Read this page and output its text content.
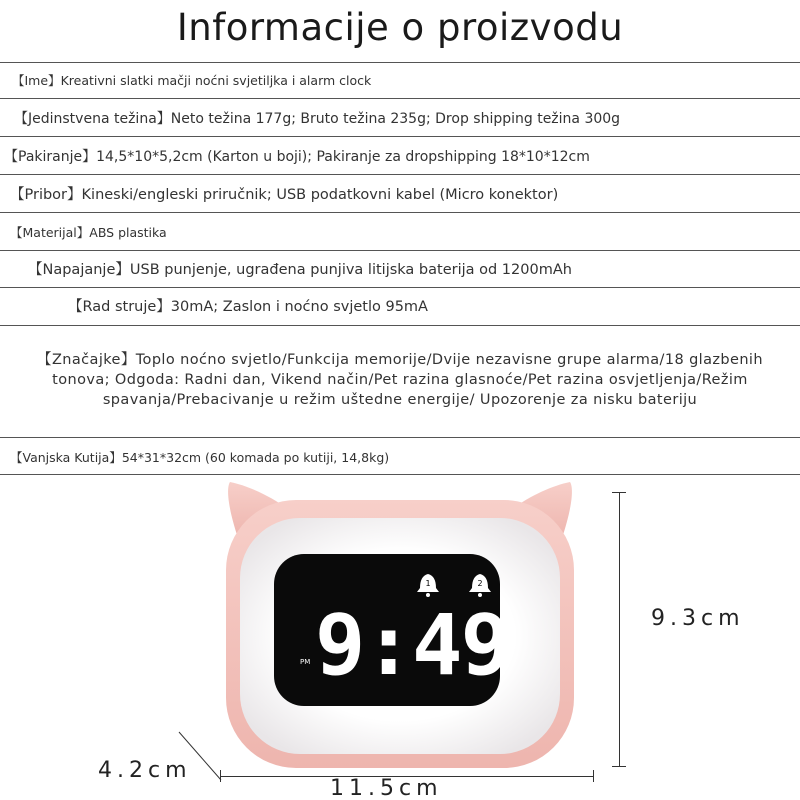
Informacije o proizvodu
【Ime】Kreativni slatki mačji noćni svjetiljka i alarm clock
【Jedinstvena težina】Neto težina 177g; Bruto težina 235g; Drop shipping težina 300g
【Pakiranje】14,5*10*5,2cm (Karton u boji); Pakiranje za dropshipping 18*10*12cm
【Pribor】Kineski/engleski priručnik; USB podatkovni kabel (Micro konektor)
【Materijal】ABS plastika
【Napajanje】USB punjenje, ugrađena punjiva litijska baterija od 1200mAh
【Rad struje】30mA; Zaslon i noćno svjetlo 95mA
【Značajke】Toplo noćno svjetlo/Funkcija memorije/Dvije nezavisne grupe alarma/18 glazbenih tonova; Odgoda: Radni dan, Vikend način/Pet razina glasnoće/Pet razina osvjetljenja/Režim spavanja/Prebacivanje u režim uštedne energije/ Upozorenje za nisku bateriju
【Vanjska Kutija】54*31*32cm (60 komada po kutiji, 14,8kg)
1	2
PM 9:49	9.3cm
11.5cm
4.2cm
